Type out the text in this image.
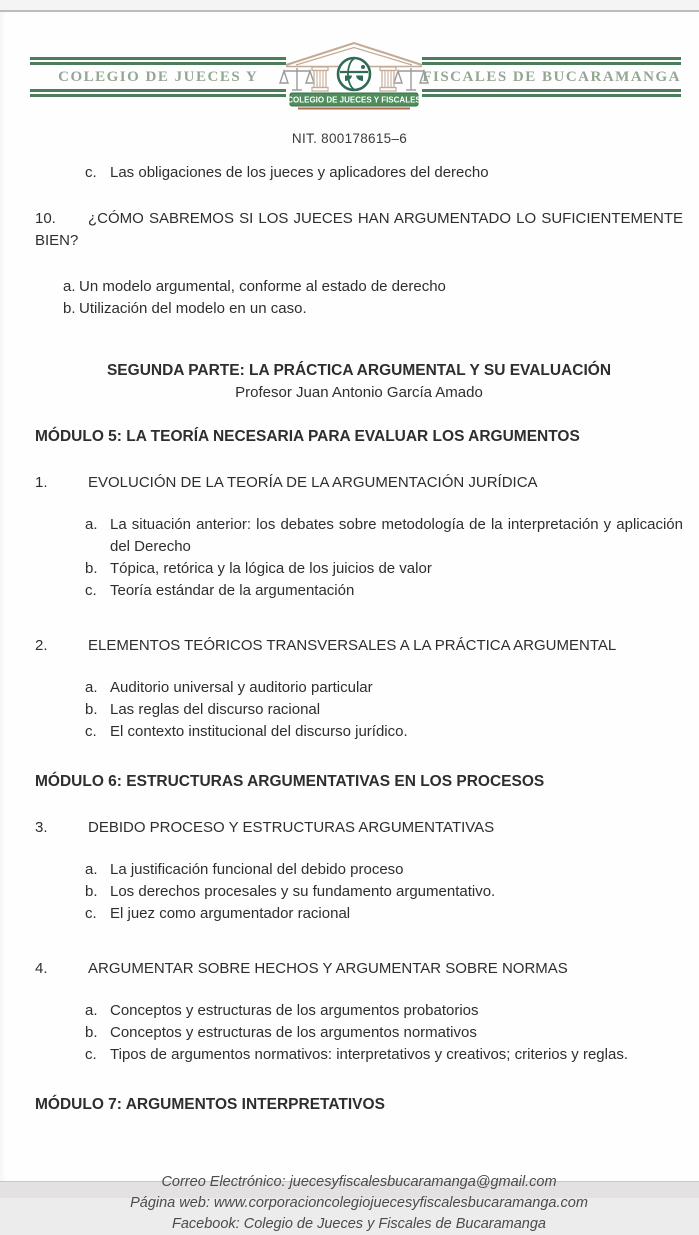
COLEGIO DE JUECES Y
COLEGIO DE JUECES Y FISCALES
FISCALES DE BUCARAMANGA
NIT. 800178615–6
c. Las obligaciones de los jueces y aplicadores del derecho

10. ¿CÓMO SABREMOS SI LOS JUECES HAN ARGUMENTADO LO SUFICIENTEMENTE BIEN?

a. Un modelo argumental, conforme al estado de derecho
b. Utilización del modelo en un caso.
SEGUNDA PARTE: LA PRÁCTICA ARGUMENTAL Y SU EVALUACIÓN
Profesor Juan Antonio García Amado
MÓDULO 5: LA TEORÍA NECESARIA PARA EVALUAR LOS ARGUMENTOS

1.	EVOLUCIÓN DE LA TEORÍA DE LA ARGUMENTACIÓN JURÍDICA

a. La situación anterior: los debates sobre metodología de la interpretación y aplicación del Derecho
b. Tópica, retórica y la lógica de los juicios de valor
c. Teoría estándar de la argumentación

2.	ELEMENTOS TEÓRICOS TRANSVERSALES A LA PRÁCTICA ARGUMENTAL

a. Auditorio universal y auditorio particular
b. Las reglas del discurso racional
c. El contexto institucional del discurso jurídico.
MÓDULO 6: ESTRUCTURAS ARGUMENTATIVAS EN LOS PROCESOS

3.	DEBIDO PROCESO Y ESTRUCTURAS ARGUMENTATIVAS

a. La justificación funcional del debido proceso
b. Los derechos procesales y su fundamento argumentativo.
c. El juez como argumentador racional

4.	ARGUMENTAR SOBRE HECHOS Y ARGUMENTAR SOBRE NORMAS

a. Conceptos y estructuras de los argumentos probatorios
b. Conceptos y estructuras de los argumentos normativos
c. Tipos de argumentos normativos: interpretativos y creativos; criterios y reglas.
MÓDULO 7: ARGUMENTOS INTERPRETATIVOS
Correo Electrónico: juecesyfiscalesbucaramanga@gmail.com
Página web: www.corporacioncolegiojuecesyfiscalesbucaramanga.com
Facebook: Colegio de Jueces y Fiscales de Bucaramanga
